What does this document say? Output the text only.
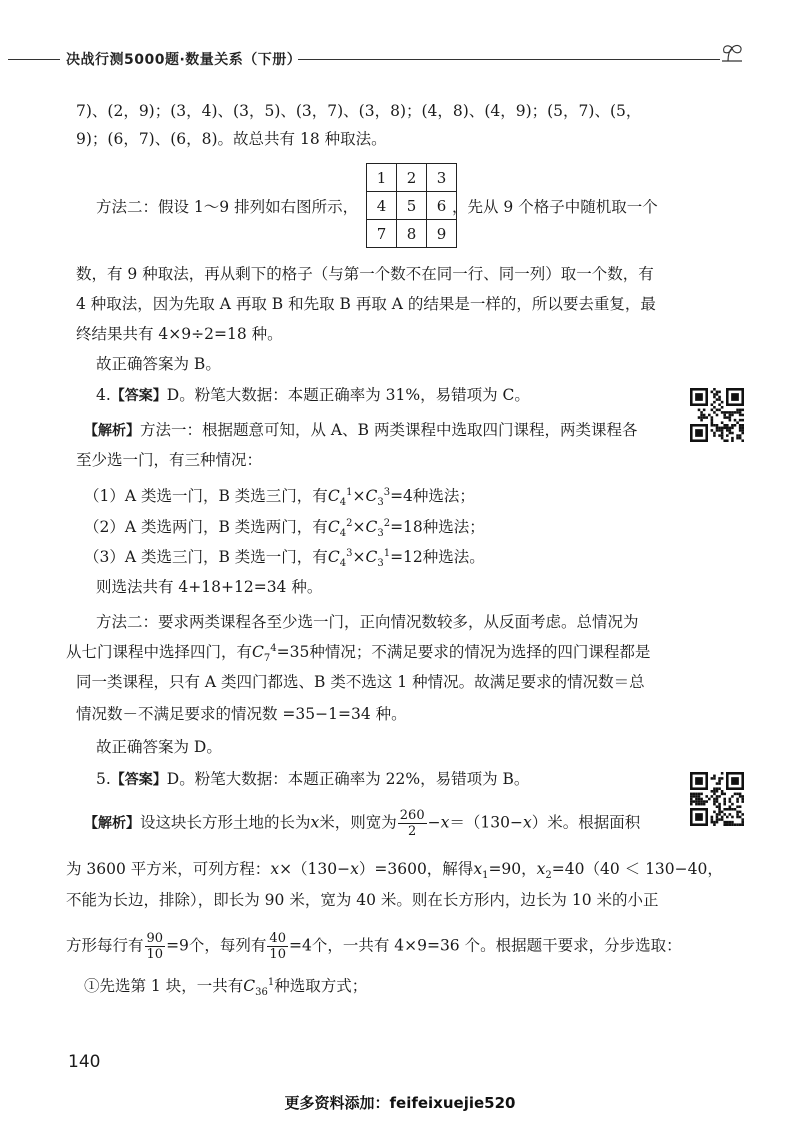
决战行测5000题·数量关系（下册）
7)、(2，9)；(3，4)、(3，5)、(3，7)、(3，8)；(4，8)、(4，9)；(5，7)、(5，
9)；(6，7)、(6，8)。故总共有 18 种取法。
方法二：假设 1～9 排列如右图所示，
1	2	3
4	5	6
7	8	9
，先从 9 个格子中随机取一个
数，有 9 种取法，再从剩下的格子（与第一个数不在同一行、同一列）取一个数，有
4 种取法，因为先取 A 再取 B 和先取 B 再取 A 的结果是一样的，所以要去重复，最
终结果共有 4×9÷2=18 种。
故正确答案为 B。
4.【答案】D。粉笔大数据：本题正确率为 31%，易错项为 C。
【解析】方法一：根据题意可知，从 A、B 两类课程中选取四门课程，两类课程各
至少选一门，有三种情况：
（1）A 类选一门，B 类选三门，有$C_4^1\times C_3^3=4$种选法；
（2）A 类选两门，B 类选两门，有$C_4^2\times C_3^2=18$种选法；
（3）A 类选三门，B 类选一门，有$C_4^3\times C_3^1=12$种选法。
则选法共有 4+18+12=34 种。
方法二：要求两类课程各至少选一门，正向情况数较多，从反面考虑。总情况为
从七门课程中选择四门，有$C_7^4=35$种情况；不满足要求的情况为选择的四门课程都是
同一类课程，只有 A 类四门都选、B 类不选这 1 种情况。故满足要求的情况数＝总
情况数－不满足要求的情况数 =35−1=34 种。
故正确答案为 D。
5.【答案】D。粉笔大数据：本题正确率为 22%，易错项为 B。
【解析】设这块长方形土地的长为x米，则宽为 $\frac{260}{2} -x=(130-x)$米。根据面积
为 3600 平方米，可列方程：x×（130−x）=3600，解得$x_1=90$，$x_2=40(40 < 130-40$，
不能为长边，排除），即长为 90 米，宽为 40 米。则在长方形内，边长为 10 米的小正
方形每行有 $\frac{90}{10} =9$个，每列有 $\frac{40}{10} =4$个，一共有 4×9=36 个。根据题干要求，分步选取：
①先选第 1 块，一共有$C_{36}^1$种选取方式；
140
更多资料添加：feifeixuejie520
